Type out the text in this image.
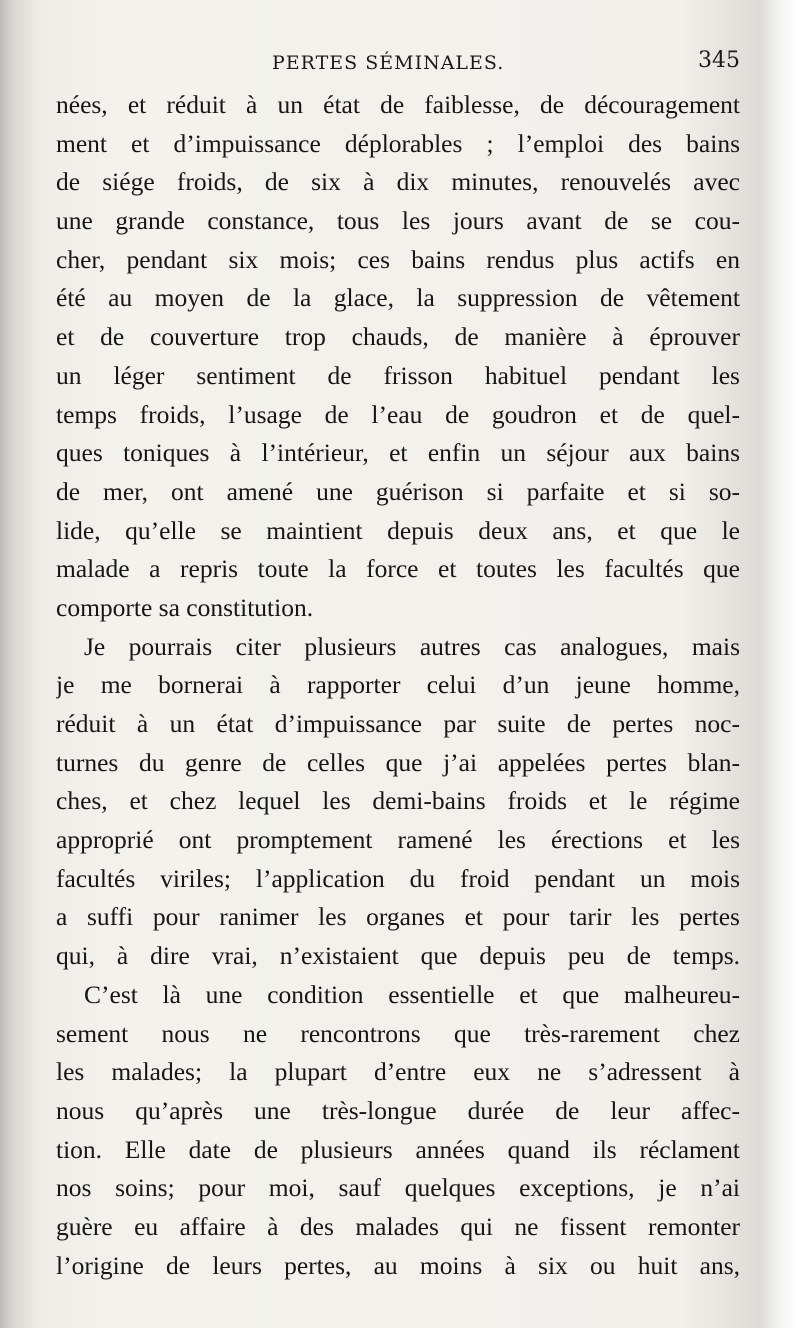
PERTES SÉMINALES.	345
nées, et réduit à un état de faiblesse, de découragement
ment et d’impuissance déplorables ; l’emploi des bains
de siége froids, de six à dix minutes, renouvelés avec
une grande constance, tous les jours avant de se cou-
cher, pendant six mois; ces bains rendus plus actifs en
été au moyen de la glace, la suppression de vêtement
et de couverture trop chauds, de manière à éprouver
un léger sentiment de frisson habituel pendant les
temps froids, l’usage de l’eau de goudron et de quel-
ques toniques à l’intérieur, et enfin un séjour aux bains
de mer, ont amené une guérison si parfaite et si so-
lide, qu’elle se maintient depuis deux ans, et que le
malade a repris toute la force et toutes les facultés que
comporte sa constitution.
Je pourrais citer plusieurs autres cas analogues, mais
je me bornerai à rapporter celui d’un jeune homme,
réduit à un état d’impuissance par suite de pertes noc-
turnes du genre de celles que j’ai appelées pertes blan-
ches, et chez lequel les demi-bains froids et le régime
approprié ont promptement ramené les érections et les
facultés viriles; l’application du froid pendant un mois
a suffi pour ranimer les organes et pour tarir les pertes
qui, à dire vrai, n’existaient que depuis peu de temps.
C’est là une condition essentielle et que malheureu-
sement nous ne rencontrons que très-rarement chez
les malades; la plupart d’entre eux ne s’adressent à
nous qu’après une très-longue durée de leur affec-
tion. Elle date de plusieurs années quand ils réclament
nos soins; pour moi, sauf quelques exceptions, je n’ai
guère eu affaire à des malades qui ne fissent remonter
l’origine de leurs pertes, au moins à six ou huit ans,
